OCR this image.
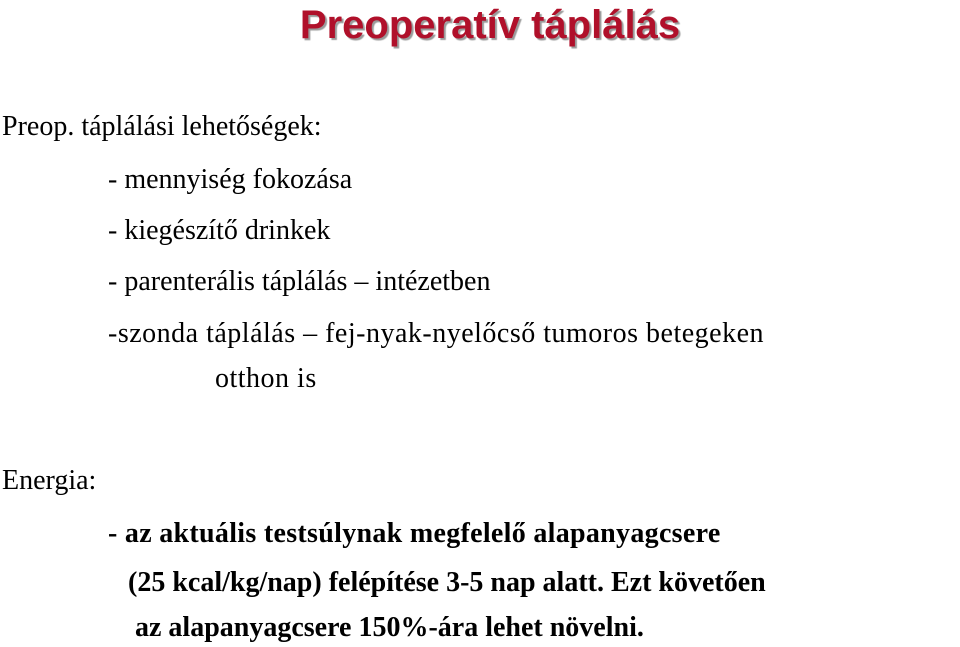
Preoperatív táplálás
Preop. táplálási lehetőségek:
- mennyiség fokozása
- kiegészítő drinkek
- parenterális táplálás – intézetben
-szonda táplálás – fej-nyak-nyelőcső tumoros betegeken
otthon is
Energia:
- az aktuális testsúlynak megfelelő alapanyagcsere
(25 kcal/kg/nap) felépítése 3-5 nap alatt. Ezt követően
az alapanyagcsere 150%-ára lehet növelni.
